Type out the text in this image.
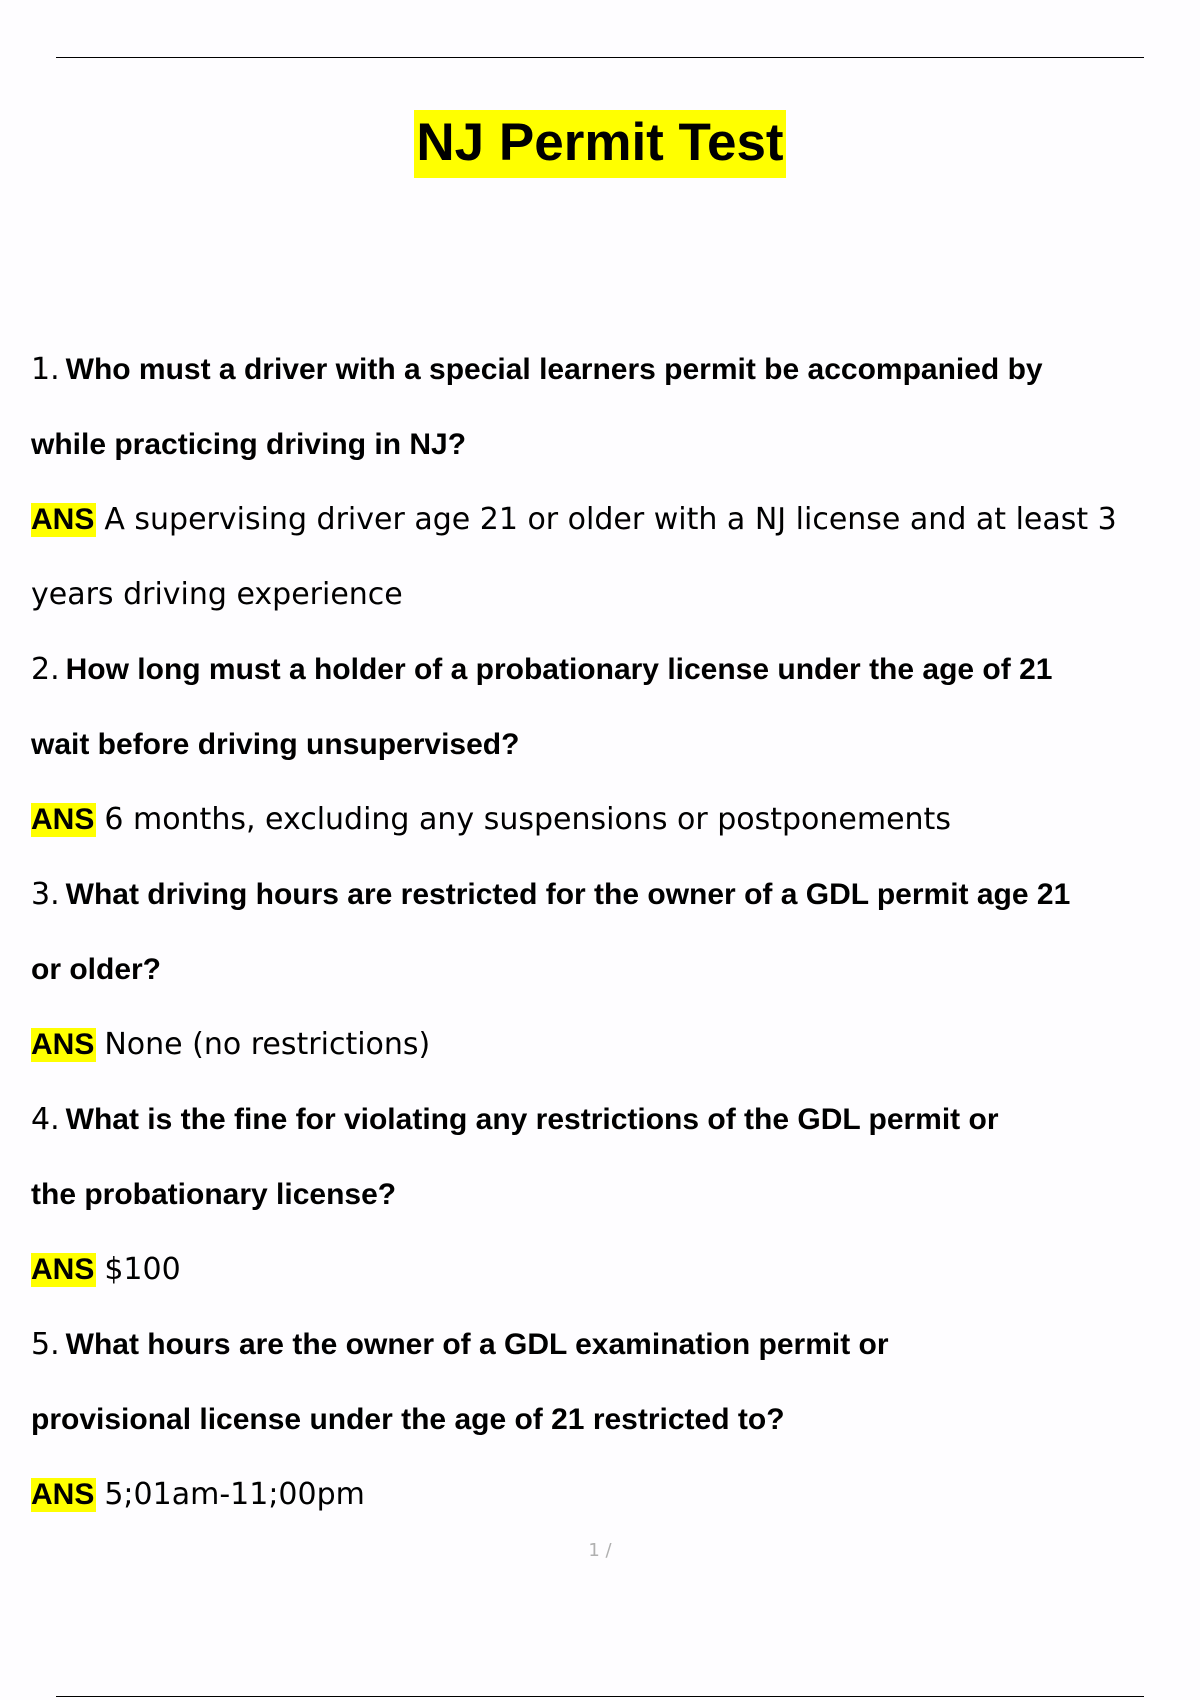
NJ Permit Test
1. Who must a driver with a special learners permit be accompanied by
while practicing driving in NJ?
ANS A supervising driver age 21 or older with a NJ license and at least 3
years driving experience
2. How long must a holder of a probationary license under the age of 21
wait before driving unsupervised?
ANS 6 months, excluding any suspensions or postponements
3. What driving hours are restricted for the owner of a GDL permit age 21
or older?
ANS None (no restrictions)
4. What is the fine for violating any restrictions of the GDL permit or
the probationary license?
ANS $100
5. What hours are the owner of a GDL examination permit or
provisional license under the age of 21 restricted to?
ANS 5;01am-11;00pm
1 /
